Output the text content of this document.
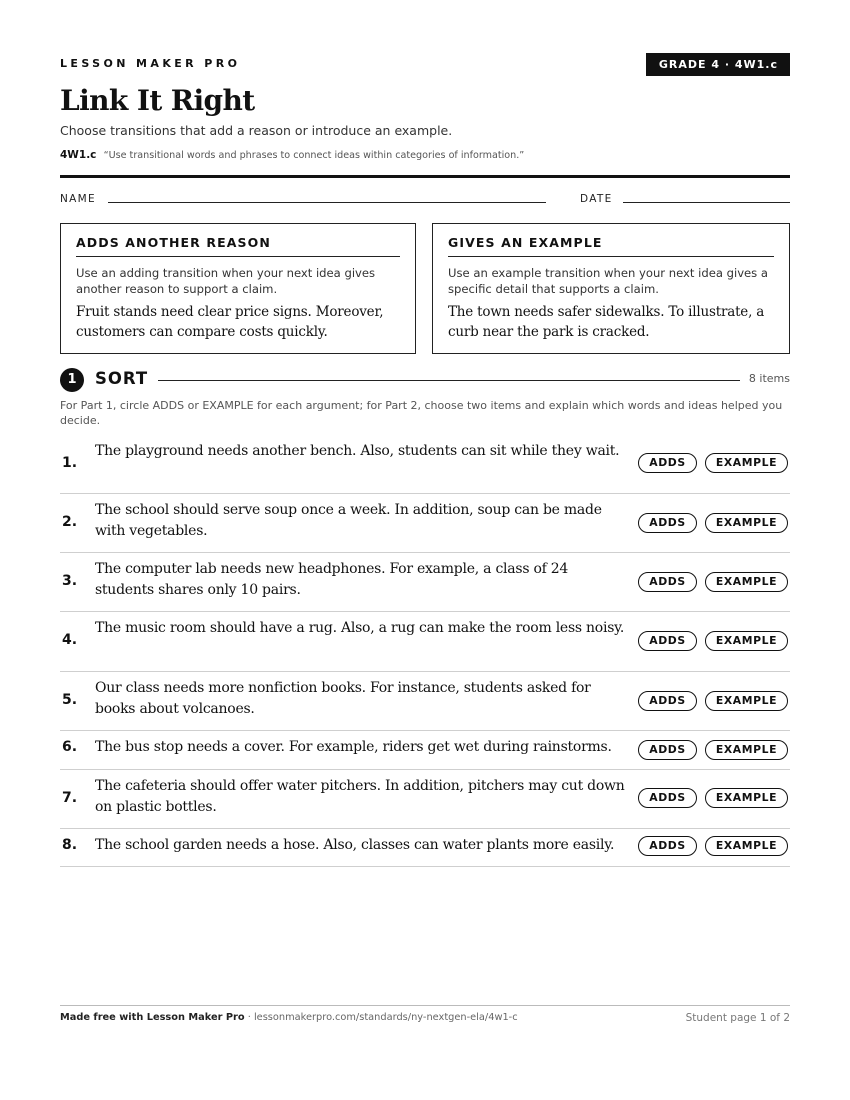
LESSON MAKER PRO	GRADE 4 · 4W1.c
Link It Right
Choose transitions that add a reason or introduce an example.
4W1.c “Use transitional words and phrases to connect ideas within categories of information.”
NAME	DATE
ADDS ANOTHER REASON
Use an adding transition when your next idea gives another reason to support a claim.
Fruit stands need clear price signs. Moreover, customers can compare costs quickly.
GIVES AN EXAMPLE
Use an example transition when your next idea gives a specific detail that supports a claim.
The town needs safer sidewalks. To illustrate, a curb near the park is cracked.
1	SORT	8 items
For Part 1, circle ADDS or EXAMPLE for each argument; for Part 2, choose two items and explain which words and ideas helped you decide.
1.
The playground needs another bench. Also, students can sit while they wait.
ADDS	EXAMPLE
2.
The school should serve soup once a week. In addition, soup can be made with vegetables.
ADDS	EXAMPLE
3.
The computer lab needs new headphones. For example, a class of 24 students shares only 10 pairs.
ADDS	EXAMPLE
4.
The music room should have a rug. Also, a rug can make the room less noisy.
ADDS	EXAMPLE
5.
Our class needs more nonfiction books. For instance, students asked for books about volcanoes.
ADDS	EXAMPLE
6. The bus stop needs a cover. For example, riders get wet during rainstorms.	ADDS	EXAMPLE
7.
The cafeteria should offer water pitchers. In addition, pitchers may cut down on plastic bottles.
ADDS	EXAMPLE
8. The school garden needs a hose. Also, classes can water plants more easily.	ADDS	EXAMPLE
Made free with Lesson Maker Pro · lessonmakerpro.com/standards/ny-nextgen-ela/4w1-c	Student page 1 of 2
